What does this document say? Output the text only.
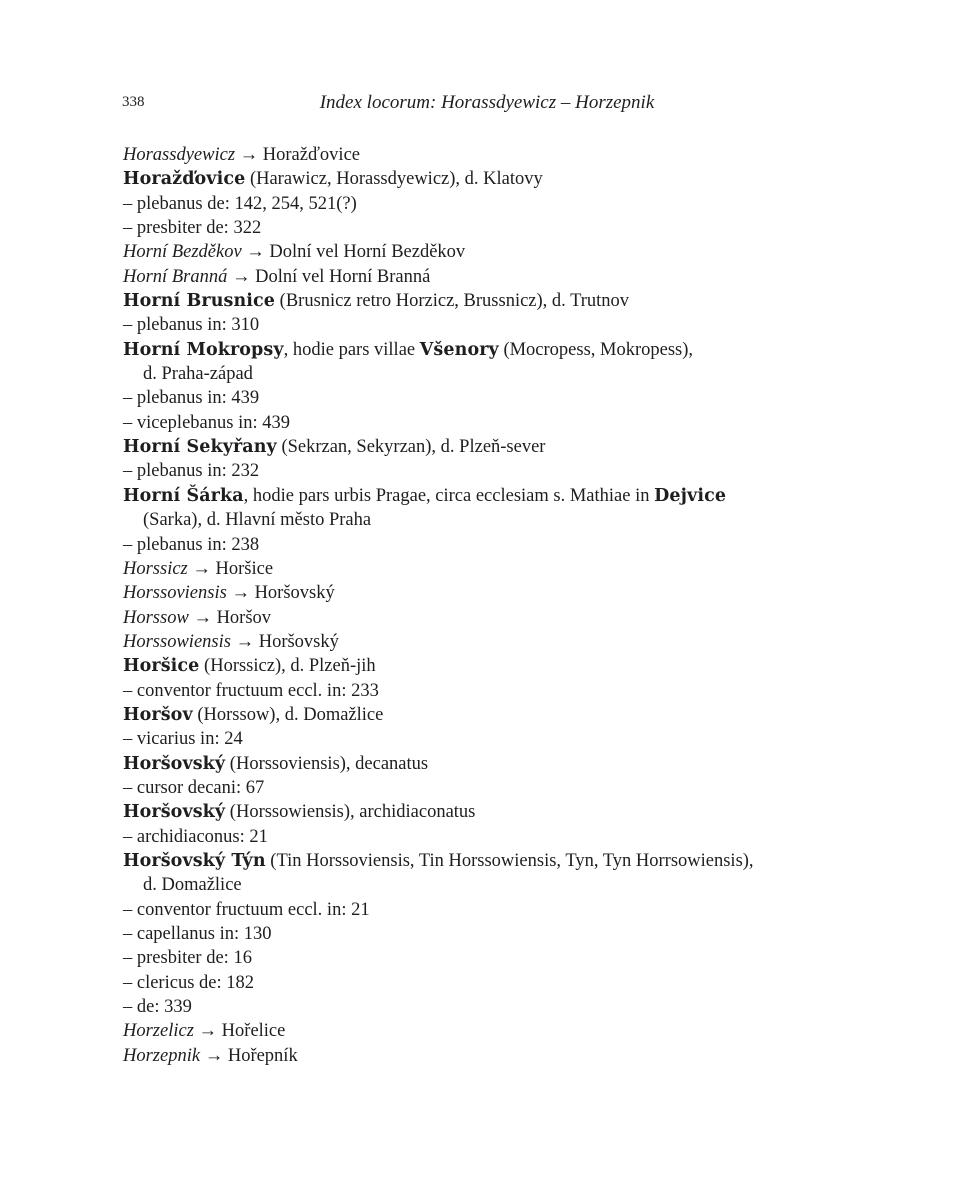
338	Index locorum: Horassdyewicz – Horzepnik
Horassdyewicz → Horažďovice
Horažďovice (Harawicz, Horassdyewicz), d. Klatovy
– plebanus de: 142, 254, 521(?)
– presbiter de: 322
Horní Bezděkov → Dolní vel Horní Bezděkov
Horní Branná → Dolní vel Horní Branná
Horní Brusnice (Brusnicz retro Horzicz, Brussnicz), d. Trutnov
– plebanus in: 310
Horní Mokropsy, hodie pars villae Všenory (Mocropess, Mokropess),
d. Praha-západ
– plebanus in: 439
– viceplebanus in: 439
Horní Sekyřany (Sekrzan, Sekyrzan), d. Plzeň-sever
– plebanus in: 232
Horní Šárka, hodie pars urbis Pragae, circa ecclesiam s. Mathiae in Dejvice
(Sarka), d. Hlavní město Praha
– plebanus in: 238
Horssicz → Horšice
Horssoviensis → Horšovský
Horssow → Horšov
Horssowiensis → Horšovský
Horšice (Horssicz), d. Plzeň-jih
– conventor fructuum eccl. in: 233
Horšov (Horssow), d. Domažlice
– vicarius in: 24
Horšovský (Horssoviensis), decanatus
– cursor decani: 67
Horšovský (Horssowiensis), archidiaconatus
– archidiaconus: 21
Horšovský Týn (Tin Horssoviensis, Tin Horssowiensis, Tyn, Tyn Horrsowiensis),
d. Domažlice
– conventor fructuum eccl. in: 21
– capellanus in: 130
– presbiter de: 16
– clericus de: 182
– de: 339
Horzelicz → Hořelice
Horzepnik → Hořepník
